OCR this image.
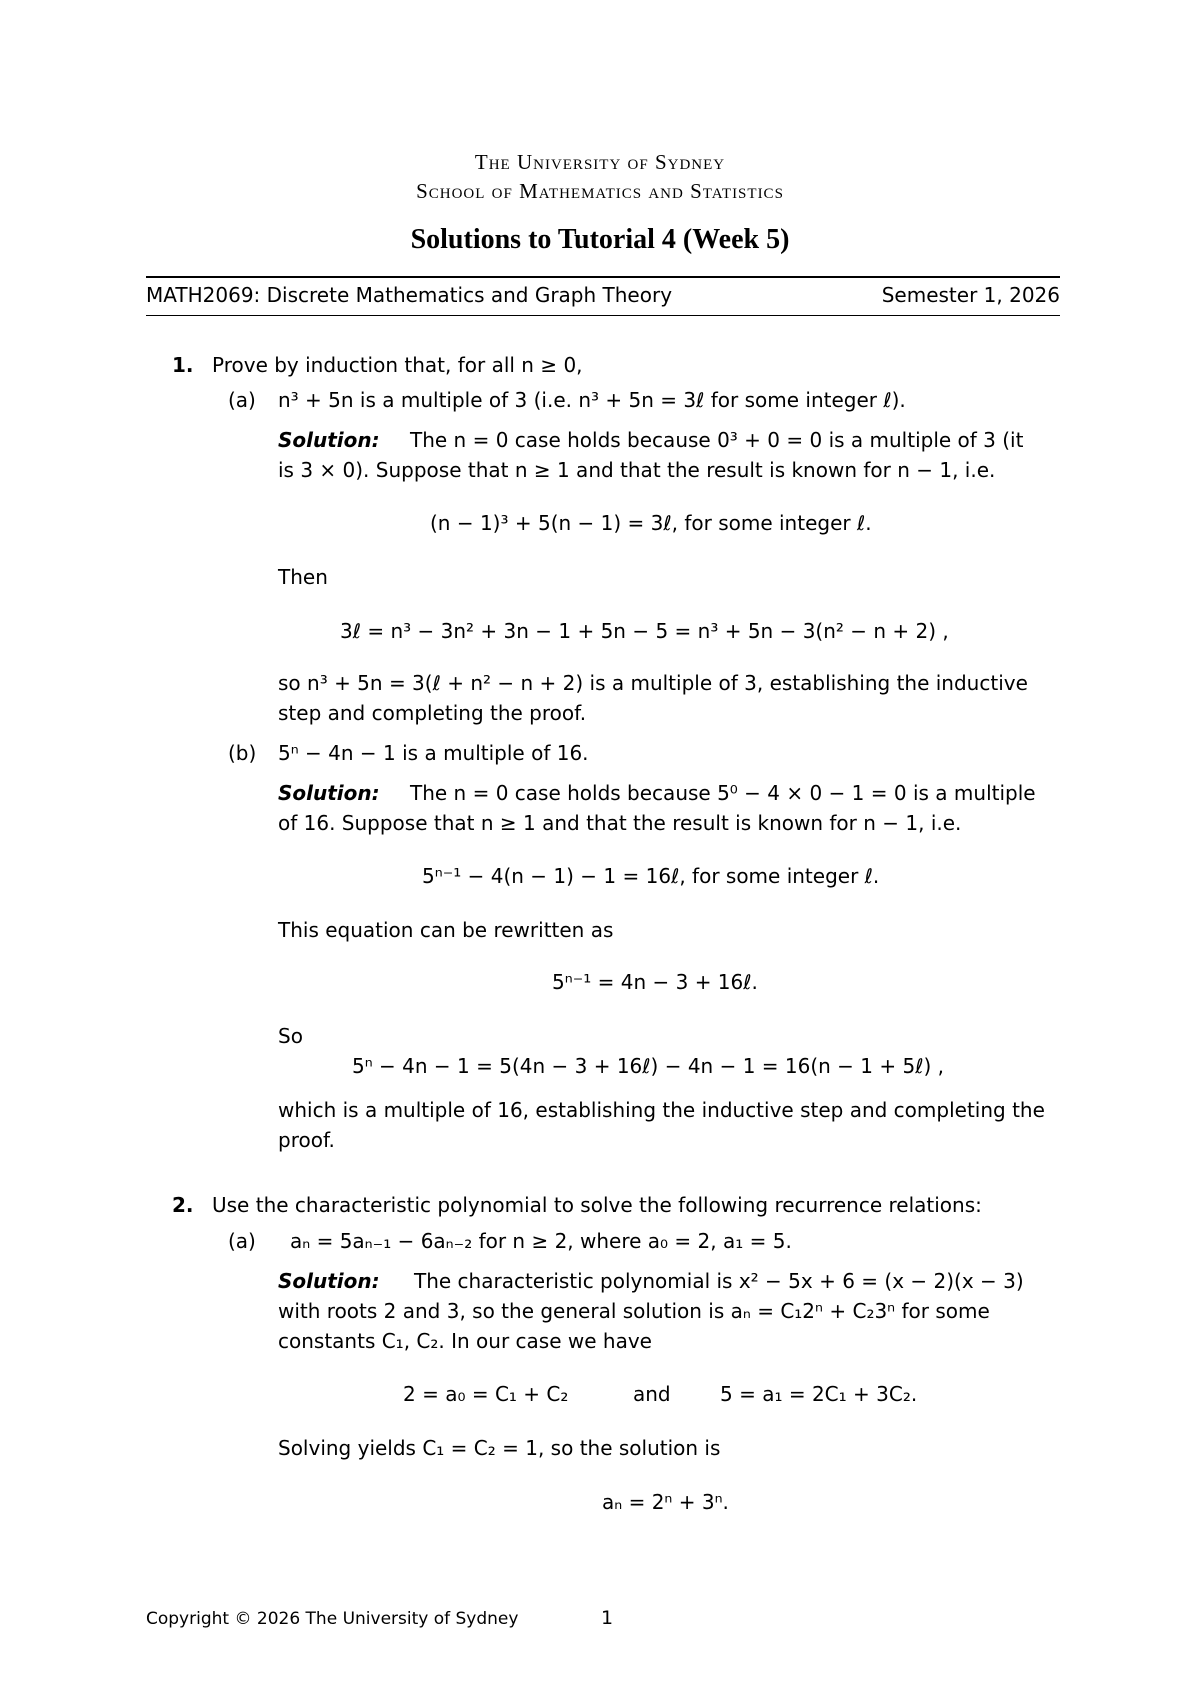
The University of Sydney
School of Mathematics and Statistics
Solutions to Tutorial 4 (Week 5)
MATH2069: Discrete Mathematics and Graph Theory	Semester 1, 2026
1. Prove by induction that, for all n ≥ 0,
(a) n³ + 5n is a multiple of 3 (i.e. n³ + 5n = 3ℓ for some integer ℓ).
Solution: The n = 0 case holds because 0³ + 0 = 0 is a multiple of 3 (it
is 3 × 0). Suppose that n ≥ 1 and that the result is known for n − 1, i.e.
(n − 1)³ + 5(n − 1) = 3ℓ, for some integer ℓ.
Then
3ℓ = n³ − 3n² + 3n − 1 + 5n − 5 = n³ + 5n − 3(n² − n + 2) ,
so n³ + 5n = 3(ℓ + n² − n + 2) is a multiple of 3, establishing the inductive
step and completing the proof.
(b) 5ⁿ − 4n − 1 is a multiple of 16.
Solution: The n = 0 case holds because 5⁰ − 4 × 0 − 1 = 0 is a multiple
of 16. Suppose that n ≥ 1 and that the result is known for n − 1, i.e.
5ⁿ⁻¹ − 4(n − 1) − 1 = 16ℓ, for some integer ℓ.
This equation can be rewritten as
5ⁿ⁻¹ = 4n − 3 + 16ℓ.
So
5ⁿ − 4n − 1 = 5(4n − 3 + 16ℓ) − 4n − 1 = 16(n − 1 + 5ℓ) ,
which is a multiple of 16, establishing the inductive step and completing the
proof.
2. Use the characteristic polynomial to solve the following recurrence relations:
(a) aₙ = 5aₙ₋₁ − 6aₙ₋₂ for n ≥ 2, where a₀ = 2, a₁ = 5.
Solution: The characteristic polynomial is x² − 5x + 6 = (x − 2)(x − 3)
with roots 2 and 3, so the general solution is aₙ = C₁2ⁿ + C₂3ⁿ for some
constants C₁, C₂. In our case we have
2 = a₀ = C₁ + C₂	and 5 = a₁ = 2C₁ + 3C₂.
Solving yields C₁ = C₂ = 1, so the solution is
aₙ = 2ⁿ + 3ⁿ.
Copyright © 2026 The University of Sydney	1
